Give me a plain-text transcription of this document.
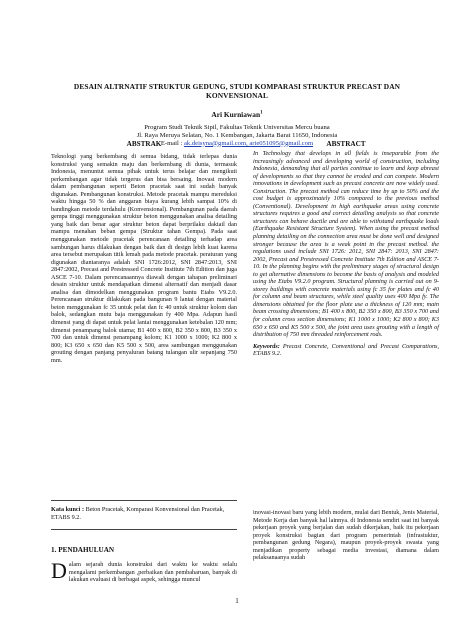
DESAIN ALTRNATIF STRUKTUR GEDUNG, STUDI KOMPARASI STRUKTUR PRECAST DAN
KONVENSIONAL
Ari Kurniawan$^1$
Program Studi Teknik Sipil, Fakultas Teknik Universitas Mercu buana
Jl. Raya Meruya Selatan, No. 1 Kembangan, Jakarta Barat 11650, Indonesia
E-mail : ak.deisyna@gmail.com, arie051095@gmail.com
ABSTRAK	ABSTRACT

Teknologi yang berkembang di semua bidang, tidak terlepas dunia konstruksi yang semakin maju dan berkembang di dunia, termasuk Indonesia, menuntut semua pihak untuk terus belajar dan mengikuti perkembangan agar tidak tergerus dan bisa bersaing. Inovasi modern dalam pembangunan seperti Beton pracetak saat ini sudah banyak digunakan. Pembangunan konstruksi. Metode pracetak mampu mereduksi waktu hingga 50 % dan anggaran biaya kurang lebih sampai 10% di bandingkan metode terdahulu (Konvensional). Pembangunan pada daerah gempa tinggi menggunakan struktur beton menggunakan analisa detailing yang baik dan benar agar struktur beton dapat berprilaku daktail dan mampu menahan beban gempa (Struktur tahan Gempa). Pada saat menggunakan metode pracetak perencanaan detailing terhadap area sambungan harus dilakukan dengan baik dan di design lebih kuat karena area tersebut merupakan titik lemah pada metode pracetak. peraturan yang digunakan diantaranya adalah SNI 1726:2012, SNI 2847:2013, SNI 2847:2002, Precast and Prestressed Concrete Institute 7th Edition dan juga ASCE 7-10. Dalam perencanaannya diawali dengan tahapan preliminari desain struktur untuk mendapatkan dimensi alternatif dan menjadi dasar analisa dan dimodelkan menggunakan program bantu Etabs V9.2.0. Perencanaan struktur dilakukan pada bangunan 9 lantai dengan material beton menggunakan fc 35 untuk pelat dan fc 40 untuk struktur kolom dan balok, sedangkan mutu baja menggunakan fy 400 Mpa. Adapun hasil dimensi yang di dapat untuk pelat lantai menggunakan ketebalan 120 mm; dimensi penampang balok utama; B1 400 x 800, B2 350 x 800, B3 350 x 700 dan untuk dimensi penampang kolom; K1 1000 x 1000; K2 800 x 800; K3 650 x 650 dan K5 500 x 500, area sambungan menggunakan grouting dengan panjang penyaluran batang tulangan ulir sepanjang 750 mm.

In Technology that develops in all fields is inseparable from the increasingly advanced and developing world of construction, including Indonesia, demanding that all parties continue to learn and keep abreast of developments so that they cannot be eroded and can compete. Modern innovations in development such as precast concrete are now widely used. Construction. The precast method can reduce time by up to 50% and the cost budget is approximately 10% compared to the previous method (Conventional). Development in high earthquake areas using concrete structures requires a good and correct detailing analysis so that concrete structures can behave ductile and are able to withstand earthquake loads (Earthquake Resistant Structure System). When using the precast method planning detailing on the connection area must be done well and designed stronger because the area is a weak point in the precast method. the regulations used include SNI 1726: 2012, SNI 2847: 2013, SNI 2847: 2002, Precast and Prestressed Concrete Institute 7th Edition and ASCE 7-10. In the planning begins with the preliminary stages of structural design to get alternative dimensions to become the basis of analysis and modeled using the Etabs V9.2.0 program. Structural planning is carried out on 9-storey buildings with concrete materials using fc 35 for plates and fc 40 for column and beam structures, while steel quality uses 400 Mpa fy. The dimensions obtained for the floor plate use a thickness of 120 mm; main beam crossing dimensions; B1 400 x 800, B2 350 x 800, B3 350 x 700 and for column cross section dimensions; K1 1000 x 1000; K2 800 x 800; K3 650 x 650 and K5 500 x 500, the joint area uses grouting with a length of distribution of 750 mm threaded reinforcement rods.

Keywords: Precast Concrete, Conventional and Precast Comparations, ETABS 9.2.

Kata kunci : Beton Pracetak, Komparasi Konvensional dan Pracetak, ETABS 9.2.
1. PENDAHULUAN
Dalam sejarah dunia konstruksi dari waktu ke waktu selalu mengalami perkembangan ,perbaikan dan pembaharuan, banyak di lakukan evaluasi di berbagai aspek, sehingga muncul
inovasi-inovasi baru yang lebih modern, mulai dari Bentuk, Jenis Material, Metode Kerja dan banyak hal lainnya. di Indonesia sendiri saat ini banyak pekerjaan proyek yang berjalan dan sudah dikerjakan, baik itu pekerjaan proyek konstruksi bagian dari program pemerintah (infrastuktur, pembangunan gedung Negara), maupun proyek-proyek swasta yang menjadikan property sebagai media investasi, diamana dalam pelaksanaanya sudah
1
